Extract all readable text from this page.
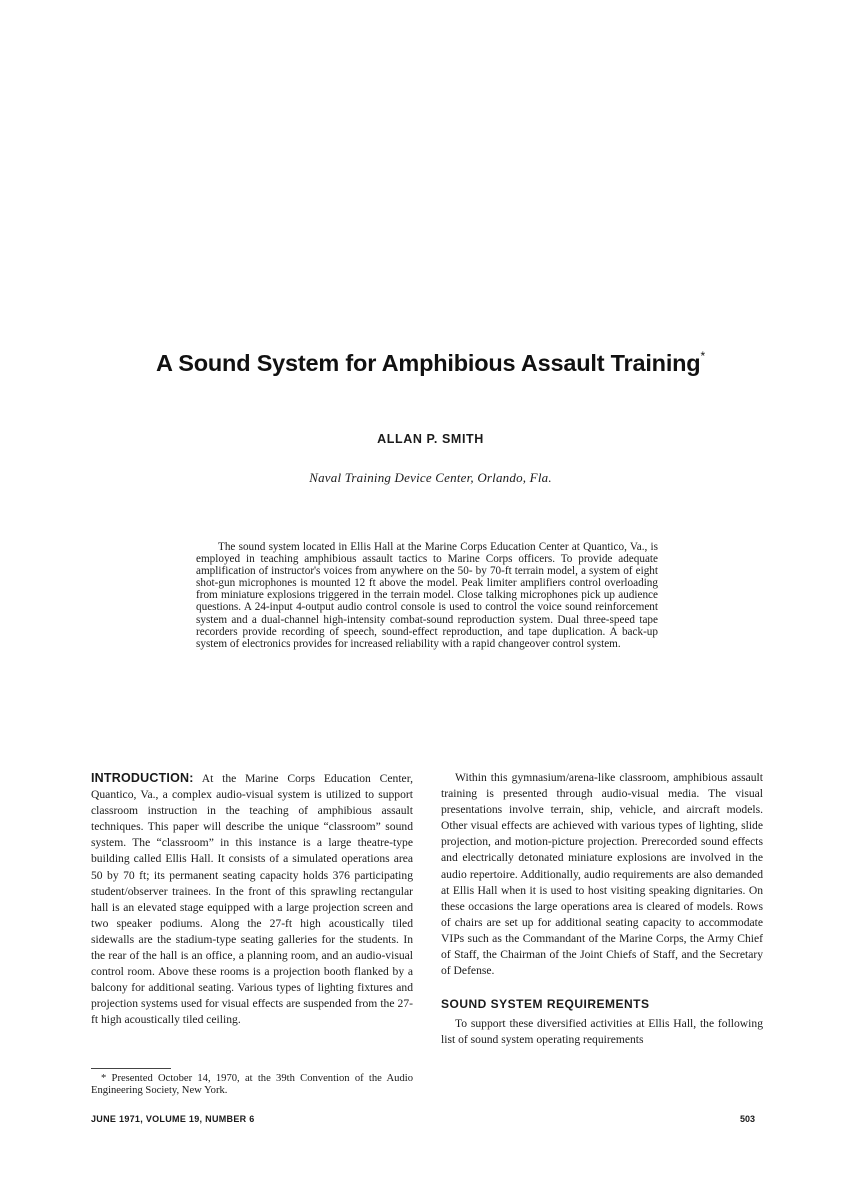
A Sound System for Amphibious Assault Training*
ALLAN P. SMITH
Naval Training Device Center, Orlando, Fla.

The sound system located in Ellis Hall at the Marine Corps Education Center at Quantico, Va., is employed in teaching amphibious assault tactics to Marine Corps officers. To provide adequate amplification of instructor's voices from anywhere on the 50- by 70-ft terrain model, a system of eight shot-gun microphones is mounted 12 ft above the model. Peak limiter amplifiers control overloading from miniature explosions triggered in the terrain model. Close talking microphones pick up audience questions. A 24-input 4-output audio control console is used to control the voice sound reinforcement system and a dual-channel high-intensity combat-sound reproduction system. Dual three-speed tape recorders provide recording of speech, sound-effect reproduction, and tape duplication. A back-up system of electronics provides for increased reliability with a rapid changeover control system.

INTRODUCTION: At the Marine Corps Education Center, Quantico, Va., a complex audio-visual system is utilized to support classroom instruction in the teaching of amphibious assault techniques. This paper will describe the unique “classroom” sound system. The “classroom” in this instance is a large theatre-type building called Ellis Hall. It consists of a simulated operations area 50 by 70 ft; its permanent seating capacity holds 376 participating student/observer trainees. In the front of this sprawling rectangular hall is an elevated stage equipped with a large projection screen and two speaker podiums. Along the 27-ft high acoustically tiled sidewalls are the stadium-type seating galleries for the students. In the rear of the hall is an office, a planning room, and an audio-visual control room. Above these rooms is a projection booth flanked by a balcony for additional seating. Various types of lighting fixtures and projection systems used for visual effects are suspended from the 27-ft high acoustically tiled ceiling.

Within this gymnasium/arena-like classroom, amphibious assault training is presented through audio-visual media. The visual presentations involve terrain, ship, vehicle, and aircraft models. Other visual effects are achieved with various types of lighting, slide projection, and motion-picture projection. Prerecorded sound effects and electrically detonated miniature explosions are involved in the audio repertoire. Additionally, audio requirements are also demanded at Ellis Hall when it is used to host visiting speaking dignitaries. On these occasions the large operations area is cleared of models. Rows of chairs are set up for additional seating capacity to accommodate VIPs such as the Commandant of the Marine Corps, the Army Chief of Staff, the Chairman of the Joint Chiefs of Staff, and the Secretary of Defense.

SOUND SYSTEM REQUIREMENTS

To support these diversified activities at Ellis Hall, the following list of sound system operating requirements

* Presented October 14, 1970, at the 39th Convention of the Audio Engineering Society, New York.
JUNE 1971, VOLUME 19, NUMBER 6	503
